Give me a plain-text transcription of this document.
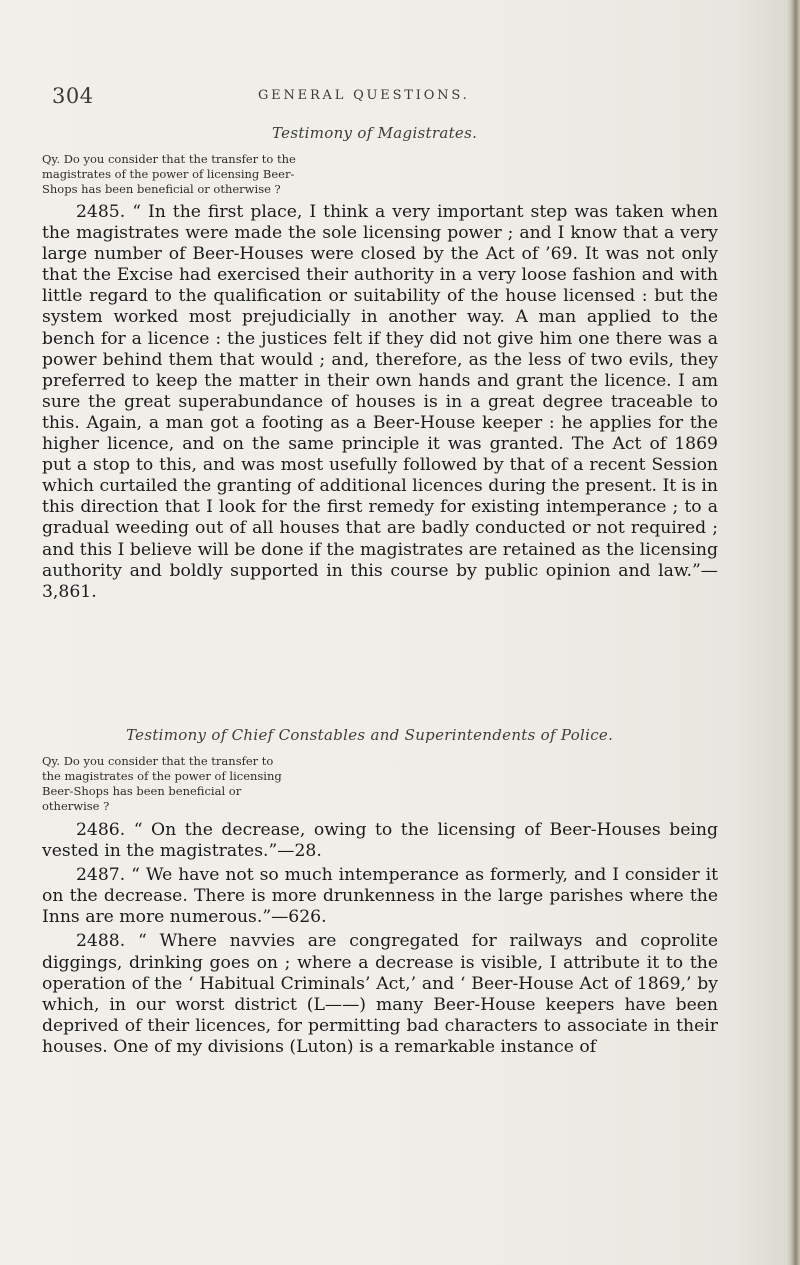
304	GENERAL QUESTIONS.
Testimony of Magistrates.
Qy. Do you consider that the transfer to the magistrates of the power of licensing Beer-Shops has been beneficial or otherwise ?

2485. “ In the first place, I think a very important step was taken when the magistrates were made the sole licensing power ; and I know that a very large number of Beer-Houses were closed by the Act of ’69. It was not only that the Excise had exercised their authority in a very loose fashion and with little regard to the qualification or suitability of the house licensed : but the system worked most prejudicially in another way. A man applied to the bench for a licence : the justices felt if they did not give him one there was a power behind them that would ; and, therefore, as the less of two evils, they preferred to keep the matter in their own hands and grant the licence. I am sure the great superabundance of houses is in a great degree traceable to this. Again, a man got a footing as a Beer-House keeper : he applies for the higher licence, and on the same principle it was granted. The Act of 1869 put a stop to this, and was most usefully followed by that of a recent Session which curtailed the granting of additional licences during the present. It is in this direction that I look for the first remedy for existing intemperance ; to a gradual weeding out of all houses that are badly conducted or not required ; and this I believe will be done if the magistrates are retained as the licensing authority and boldly supported in this course by public opinion and law.”—3,861.

Testimony of Chief Constables and Superintendents of Police.
Qy. Do you consider that the transfer to the magistrates of the power of licensing Beer-Shops has been beneficial or otherwise ?

2486. “ On the decrease, owing to the licensing of Beer-Houses being vested in the magistrates.”—28.

2487. “ We have not so much intemperance as formerly, and I consider it on the decrease. There is more drunkenness in the large parishes where the Inns are more numerous.”—626.

2488. “ Where navvies are congregated for railways and coprolite diggings, drinking goes on ; where a decrease is visible, I attribute it to the operation of the ‘ Habitual Criminals’ Act,’ and ‘ Beer-House Act of 1869,’ by which, in our worst district (L——) many Beer-House keepers have been deprived of their licences, for permitting bad characters to associate in their houses. One of my divisions (Luton) is a remarkable instance of
